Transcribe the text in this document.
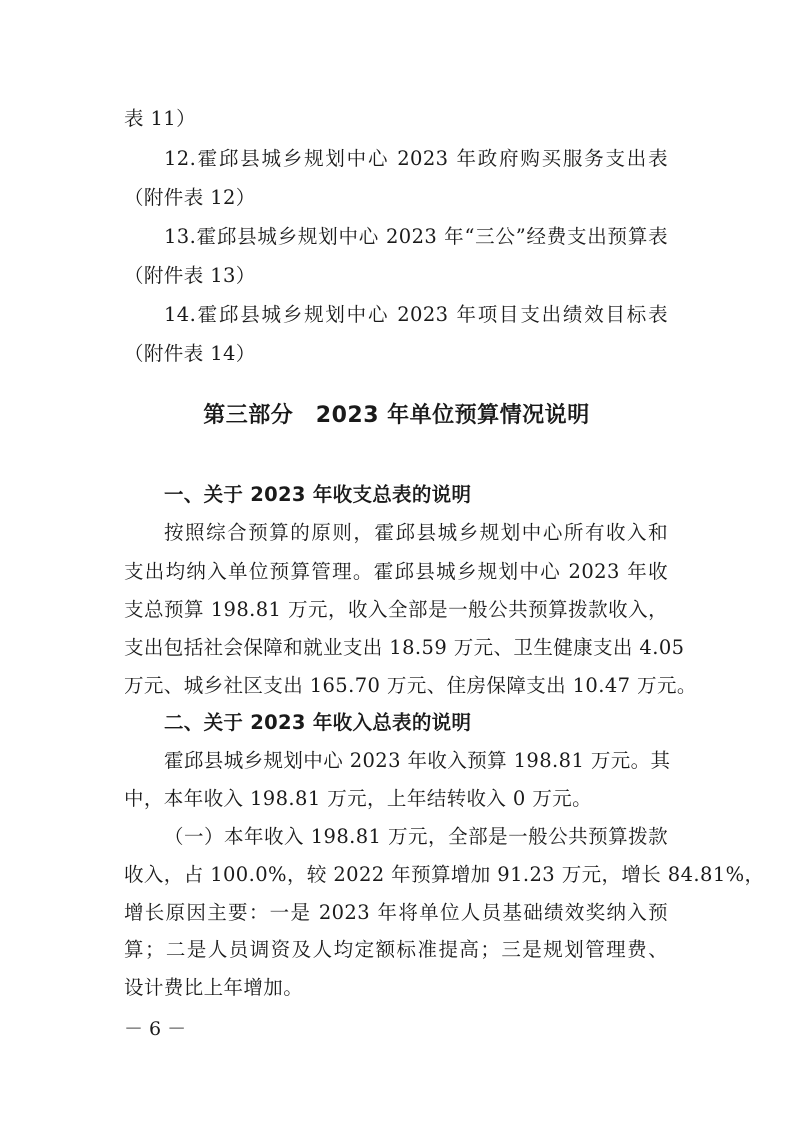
表 11）
12.霍邱县城乡规划中心 2023 年政府购买服务支出表
（附件表 12）
13.霍邱县城乡规划中心 2023 年“三公”经费支出预算表
（附件表 13）
14.霍邱县城乡规划中心 2023 年项目支出绩效目标表
（附件表 14）
第三部分　2023 年单位预算情况说明
一、关于 2023 年收支总表的说明
按照综合预算的原则，霍邱县城乡规划中心所有收入和
支出均纳入单位预算管理。霍邱县城乡规划中心 2023 年收
支总预算 198.81 万元，收入全部是一般公共预算拨款收入，
支出包括社会保障和就业支出 18.59 万元、卫生健康支出 4.05
万元、城乡社区支出 165.70 万元、住房保障支出 10.47 万元。
二、关于 2023 年收入总表的说明
霍邱县城乡规划中心 2023 年收入预算 198.81 万元。其
中，本年收入 198.81 万元，上年结转收入 0 万元。
（一）本年收入 198.81 万元，全部是一般公共预算拨款
收入，占 100.0%，较 2022 年预算增加 91.23 万元，增长 84.81%，
增长原因主要：一是 2023 年将单位人员基础绩效奖纳入预
算；二是人员调资及人均定额标准提高；三是规划管理费、
设计费比上年增加。
－ 6 －
